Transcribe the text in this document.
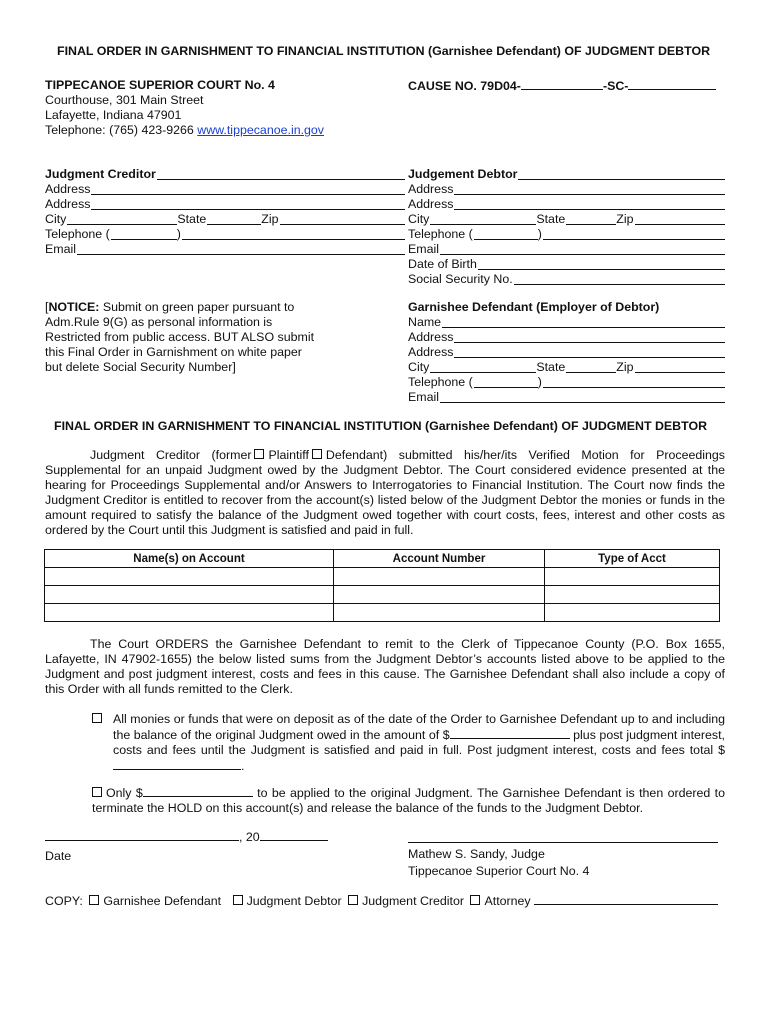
FINAL ORDER IN GARNISHMENT TO FINANCIAL INSTITUTION (Garnishee Defendant) OF JUDGMENT DEBTOR
TIPPECANOE SUPERIOR COURT No. 4
Courthouse, 301 Main Street
Lafayette, Indiana 47901
Telephone: (765) 423-9266 www.tippecanoe.in.gov
CAUSE NO. 79D04-	-SC-
Judgment Creditor
Address
Address
City	State	Zip
Telephone (	)
Email
Judgement Debtor
Address
Address
City	State	Zip
Telephone (	)
Email
Date of Birth
Social Security No.
[NOTICE: Submit on green paper pursuant to
Adm.Rule 9(G) as personal information is
Restricted from public access. BUT ALSO submit
this Final Order in Garnishment on white paper
but delete Social Security Number]
Garnishee Defendant (Employer of Debtor)
Name
Address
Address
City	State	Zip
Telephone (	)
Email
FINAL ORDER IN GARNISHMENT TO FINANCIAL INSTITUTION (Garnishee Defendant) OF JUDGMENT DEBTOR
Judgment Creditor (former Plaintiff Defendant) submitted his/her/its Verified Motion for Proceedings Supplemental for an unpaid Judgment owed by the Judgment Debtor. The Court considered evidence presented at the hearing for Proceedings Supplemental and/or Answers to Interrogatories to Financial Institution. The Court now finds the Judgment Creditor is entitled to recover from the account(s) listed below of the Judgment Debtor the monies or funds in the amount required to satisfy the balance of the Judgment owed together with court costs, fees, interest and other costs as ordered by the Court until this Judgment is satisfied and paid in full.
Name(s) on Account	Account Number	Type of Acct

The Court ORDERS the Garnishee Defendant to remit to the Clerk of Tippecanoe County (P.O. Box 1655, Lafayette, IN 47902-1655) the below listed sums from the Judgment Debtor’s accounts listed above to be applied to the Judgment and post judgment interest, costs and fees in this cause. The Garnishee Defendant shall also include a copy of this Order with all funds remitted to the Clerk.
All monies or funds that were on deposit as of the date of the Order to Garnishee Defendant up to and including the balance of the original Judgment owed in the amount of $	plus post judgment interest, costs and fees until the Judgment is satisfied and paid in full. Post judgment interest, costs and fees total $.
Only $	to be applied to the original Judgment. The Garnishee Defendant is then ordered to terminate the HOLD on this account(s) and release the balance of the funds to the Judgment Debtor.
, 20
Date	Mathew S. Sandy, Judge
Tippecanoe Superior Court No. 4
COPY: Garnishee Defendant Judgment Debtor Judgment Creditor Attorney
